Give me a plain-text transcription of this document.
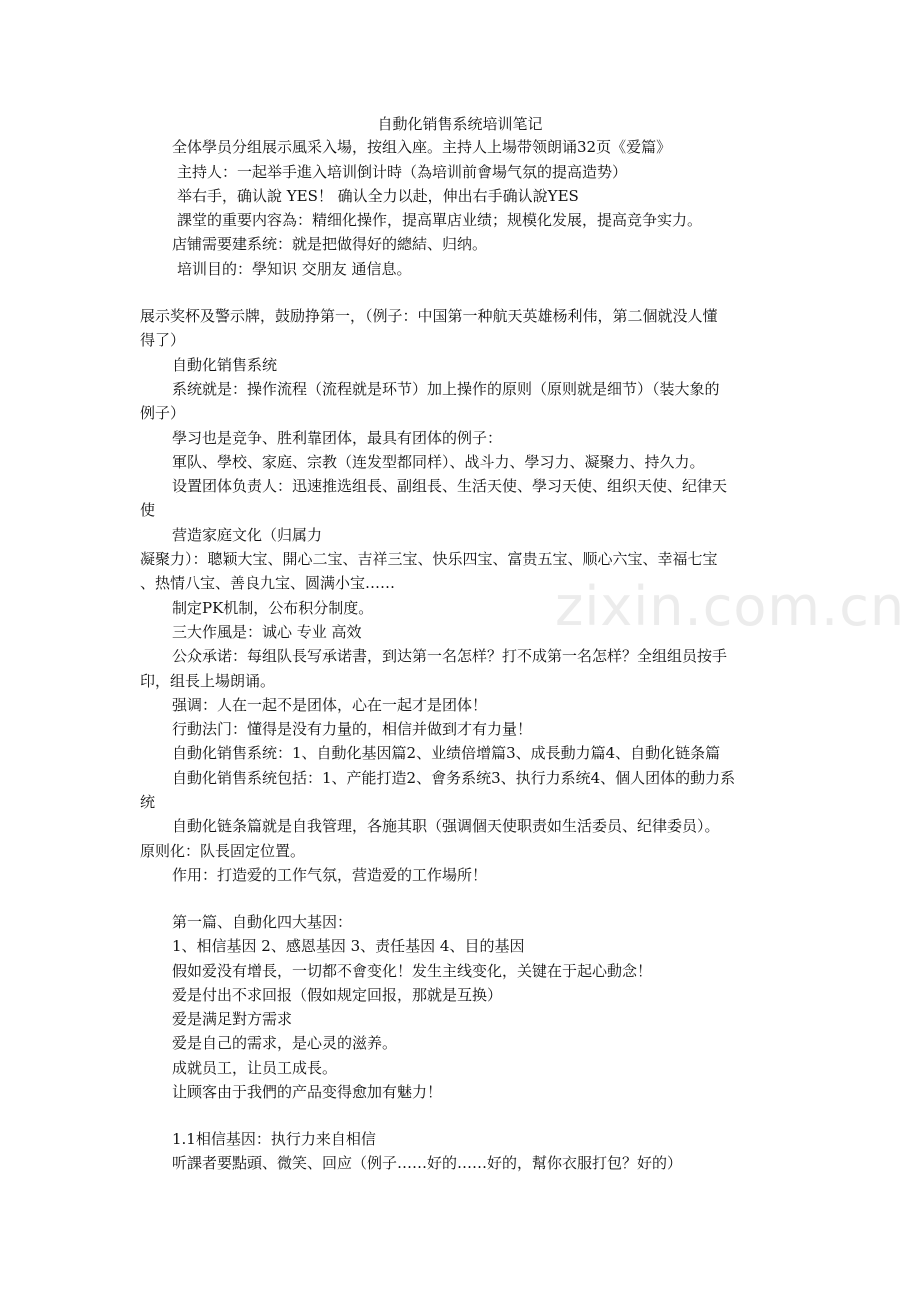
zixin.com.cn
自動化销售系统培训笔记
全体學员分组展示風采入場，按组入座。主持人上場带领朗诵32页《爱篇》
主持人：一起举手進入培训倒计時（為培训前會場气氛的提高造势）
举右手，确认說 YES！ 确认全力以赴，伸出右手确认說YES
課堂的重要内容為：精细化操作，提高單店业绩；规模化发展，提高竞争实力。
店铺需要建系统：就是把做得好的總結、归纳。
培训目的：學知识 交朋友 通信息。
展示奖杯及警示牌，鼓励挣第一，（例子：中国第一种航天英雄杨利伟，第二個就没人懂
得了）
自動化销售系统
系统就是：操作流程（流程就是环节）加上操作的原则（原则就是细节）（装大象的
例子）
學习也是竞争、胜利靠团体，最具有团体的例子：
軍队、學校、家庭、宗教（连发型都同样）、战斗力、學习力、凝聚力、持久力。
设置团体负责人：迅速推选组長、副组長、生活天使、學习天使、组织天使、纪律天
使
营造家庭文化（归属力
凝聚力）：聰颖大宝、開心二宝、吉祥三宝、快乐四宝、富贵五宝、顺心六宝、幸福七宝
、热情八宝、善良九宝、圆满小宝……
制定PK机制，公布积分制度。
三大作風是：诚心 专业 高效
公众承诺：每组队長写承诺書，到达第一名怎样？打不成第一名怎样？全组组员按手
印，组長上場朗诵。
强调：人在一起不是团体，心在一起才是团体！
行動法门：懂得是没有力量的，相信并做到才有力量！
自動化销售系统：1、自動化基因篇2、业绩倍增篇3、成長動力篇4、自動化链条篇
自動化销售系统包括：1、产能打造2、會务系统3、执行力系统4、個人团体的動力系
统
自動化链条篇就是自我管理，各施其职（强调個天使职责如生活委员、纪律委员）。
原则化：队長固定位置。
作用：打造爱的工作气氛，营造爱的工作場所！
第一篇、自動化四大基因：
1、相信基因 2、感恩基因 3、责任基因 4、目的基因
假如爱没有增長，一切都不會变化！发生主线变化，关键在于起心動念！
爱是付出不求回报（假如规定回报，那就是互换）
爱是满足對方需求
爱是自己的需求，是心灵的滋养。
成就员工，让员工成長。
让顾客由于我們的产品变得愈加有魅力！
1.1相信基因：执行力来自相信
听課者要點頭、微笑、回应（例子……好的……好的，幫你衣服打包？好的）
